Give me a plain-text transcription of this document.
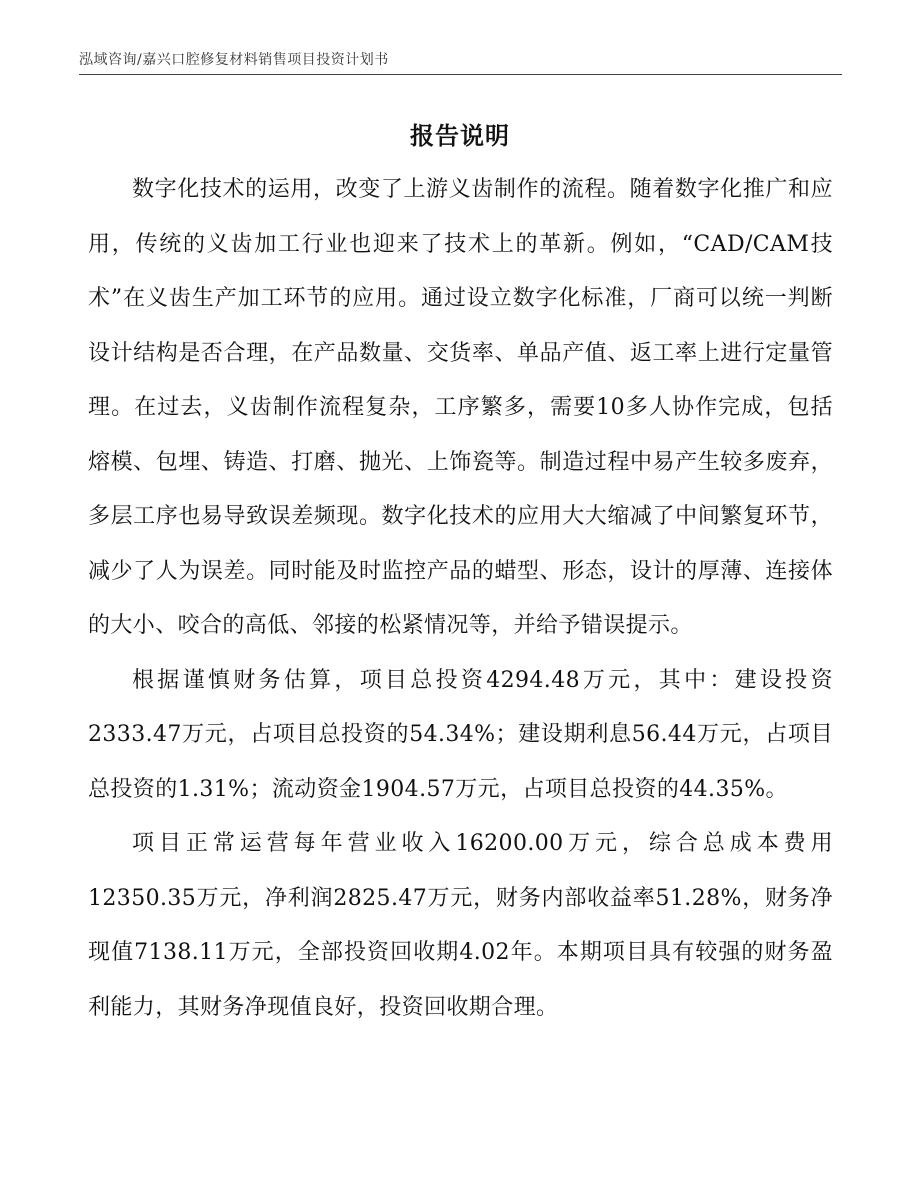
泓域咨询/嘉兴口腔修复材料销售项目投资计划书
报告说明

数字化技术的运用，改变了上游义齿制作的流程。随着数字化推广和应用，传统的义齿加工行业也迎来了技术上的革新。例如，“CAD/CAM技术”在义齿生产加工环节的应用。通过设立数字化标准，厂商可以统一判断设计结构是否合理，在产品数量、交货率、单品产值、返工率上进行定量管理。在过去，义齿制作流程复杂，工序繁多，需要10多人协作完成，包括熔模、包埋、铸造、打磨、抛光、上饰瓷等。制造过程中易产生较多废弃，多层工序也易导致误差频现。数字化技术的应用大大缩减了中间繁复环节，减少了人为误差。同时能及时监控产品的蜡型、形态，设计的厚薄、连接体的大小、咬合的高低、邻接的松紧情况等，并给予错误提示。

根据谨慎财务估算，项目总投资4294.48万元，其中：建设投资2333.47万元，占项目总投资的54.34%；建设期利息56.44万元，占项目总投资的1.31%；流动资金1904.57万元，占项目总投资的44.35%。

项目正常运营每年营业收入16200.00万元，综合总成本费用12350.35万元，净利润2825.47万元，财务内部收益率51.28%，财务净现值7138.11万元，全部投资回收期4.02年。本期项目具有较强的财务盈利能力，其财务净现值良好，投资回收期合理。
